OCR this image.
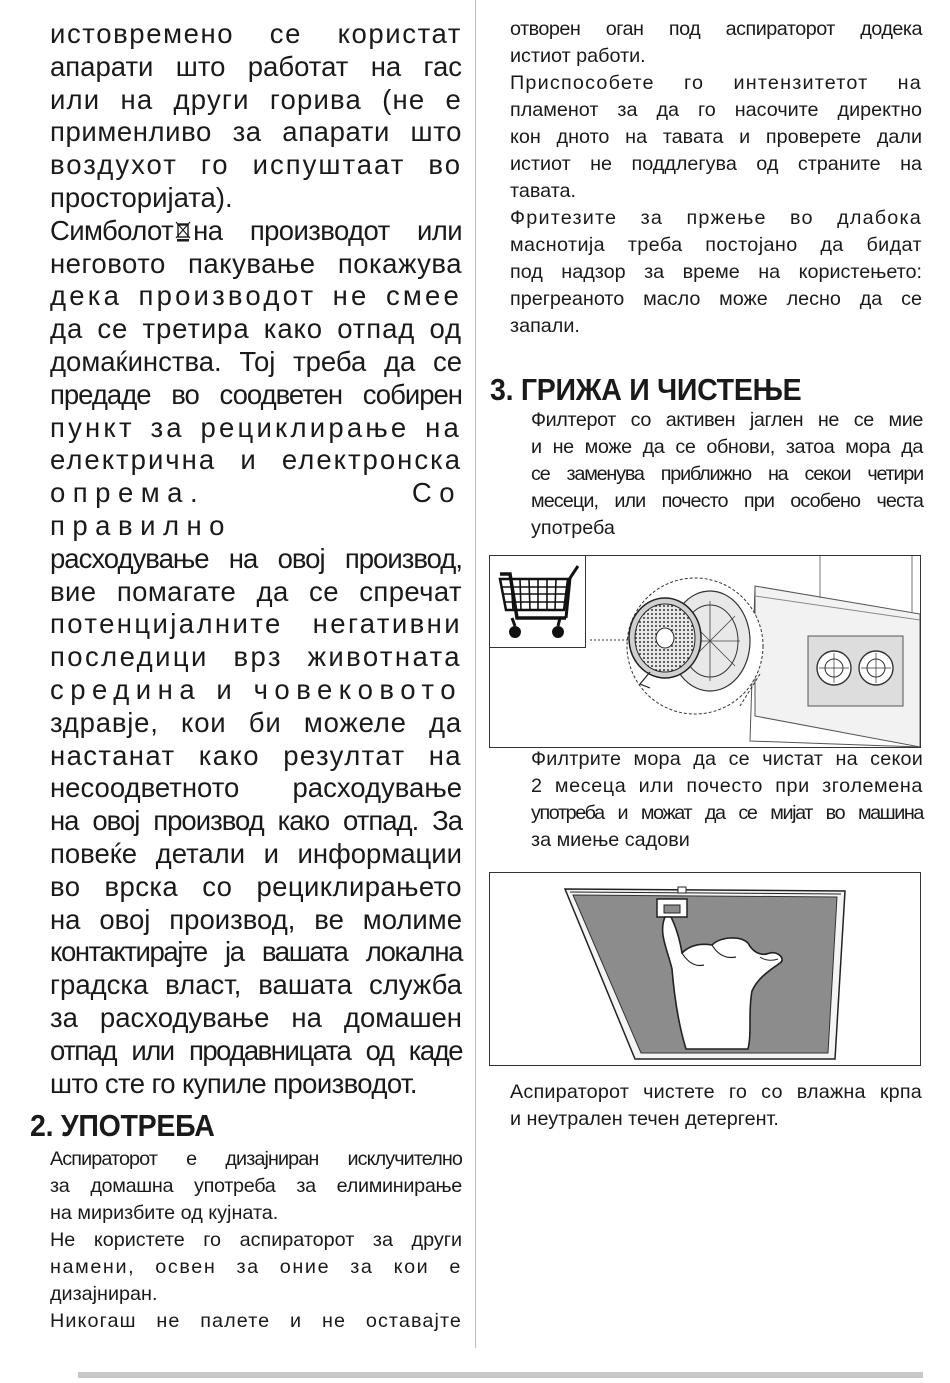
истовремено се користат

апарати што работат на гас

или на други горива (не е

применливо за апарати што

воздухот го испуштаат во

просторијата).

Симболот на производот или

неговото пакување покажува

дека производот не смее

да се третира како отпад од

домаќинства. Тој треба да се

предаде во соодветен собирен

пункт за рециклирање на

електрична и електронска

опрема. Со правилно

расходување на овој производ,

вие помагате да се спречат

потенцијалните негативни

последици врз животната

средина и човековото

здравје, кои би можеле да

настанат како резултат на

несоодветното расходување

на овој производ како отпад. За

повеќе детали и информации

во врска со рециклирањето

на овој производ, ве молиме

контактирајте ја вашата локална

градска власт, вашата служба

за расходување на домашен

отпад или продавницата од каде

што сте го купиле производот.

2. УПОТРЕБА

Аспираторот е дизајниран исклучително

за домашна употреба за елиминирање

на миризбите од кујната.

Не користете го аспираторот за други

намени, освен за оние за кои е

дизајниран.

Никогаш не палете и не оставајте

отворен оган под аспираторот додека

истиот работи.

Приспособете го интензитетот на

пламенот за да го насочите директно

кон дното на тавата и проверете дали

истиот не поддлегува од страните на

тавата.

Фритезите за пржење во длабока

маснотија треба постојано да бидат

под надзор за време на користењето:

прегреаното масло може лесно да се

запали.

3. ГРИЖА И ЧИСТЕЊЕ

Филтерот со активен јаглен не се мие

и не може да се обнови, затоа мора да

се заменува приближно на секои четири

месеци, или почесто при особено честа

употреба

Филтрите мора да се чистат на секои

2 месеца или почесто при зголемена

употреба и можат да се мијат во машина

за миење садови

Аспираторот чистете го со влажна крпа

и неутрален течен детергент.
